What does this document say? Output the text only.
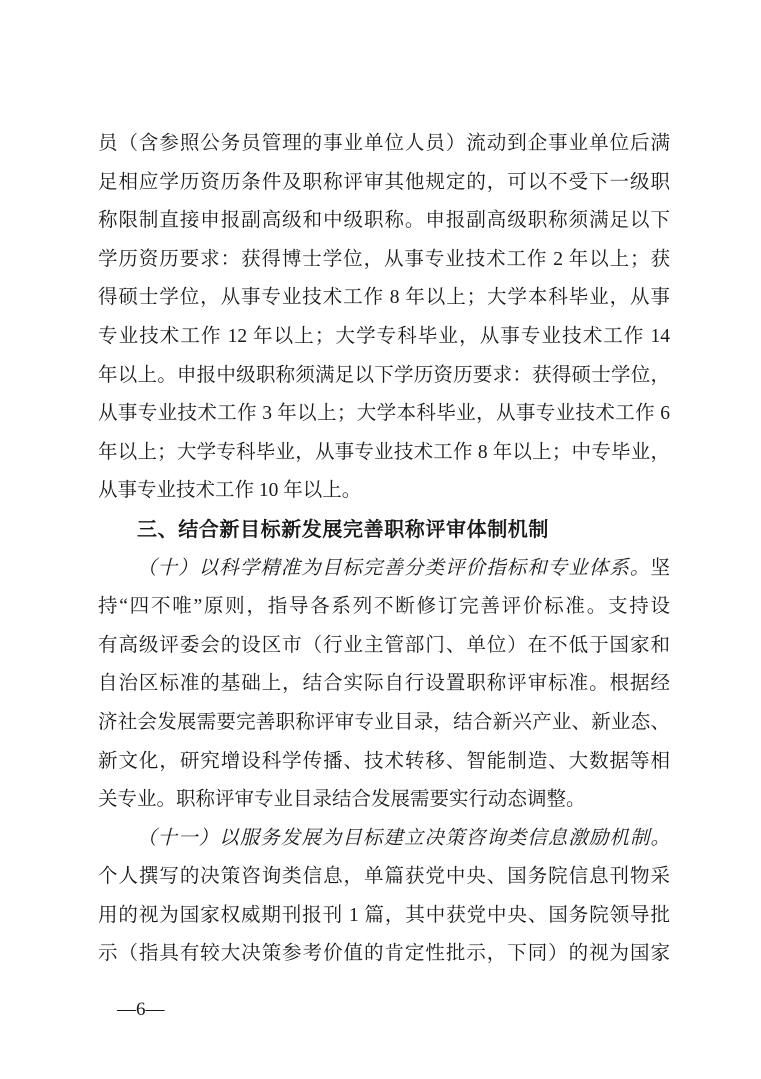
员（含参照公务员管理的事业单位人员）流动到企事业单位后满
足相应学历资历条件及职称评审其他规定的，可以不受下一级职
称限制直接申报副高级和中级职称。申报副高级职称须满足以下
学历资历要求：获得博士学位，从事专业技术工作 2 年以上；获
得硕士学位，从事专业技术工作 8 年以上；大学本科毕业，从事
专业技术工作 12 年以上；大学专科毕业，从事专业技术工作 14
年以上。申报中级职称须满足以下学历资历要求：获得硕士学位，
从事专业技术工作 3 年以上；大学本科毕业，从事专业技术工作 6
年以上；大学专科毕业，从事专业技术工作 8 年以上；中专毕业，
从事专业技术工作 10 年以上。
三、结合新目标新发展完善职称评审体制机制
（十）以科学精准为目标完善分类评价指标和专业体系。坚
持“四不唯”原则，指导各系列不断修订完善评价标准。支持设
有高级评委会的设区市（行业主管部门、单位）在不低于国家和
自治区标准的基础上，结合实际自行设置职称评审标准。根据经
济社会发展需要完善职称评审专业目录，结合新兴产业、新业态、
新文化，研究增设科学传播、技术转移、智能制造、大数据等相
关专业。职称评审专业目录结合发展需要实行动态调整。
（十一）以服务发展为目标建立决策咨询类信息激励机制。
个人撰写的决策咨询类信息，单篇获党中央、国务院信息刊物采
用的视为国家权威期刊报刊 1 篇，其中获党中央、国务院领导批
示（指具有较大决策参考价值的肯定性批示，下同）的视为国家
—6—
